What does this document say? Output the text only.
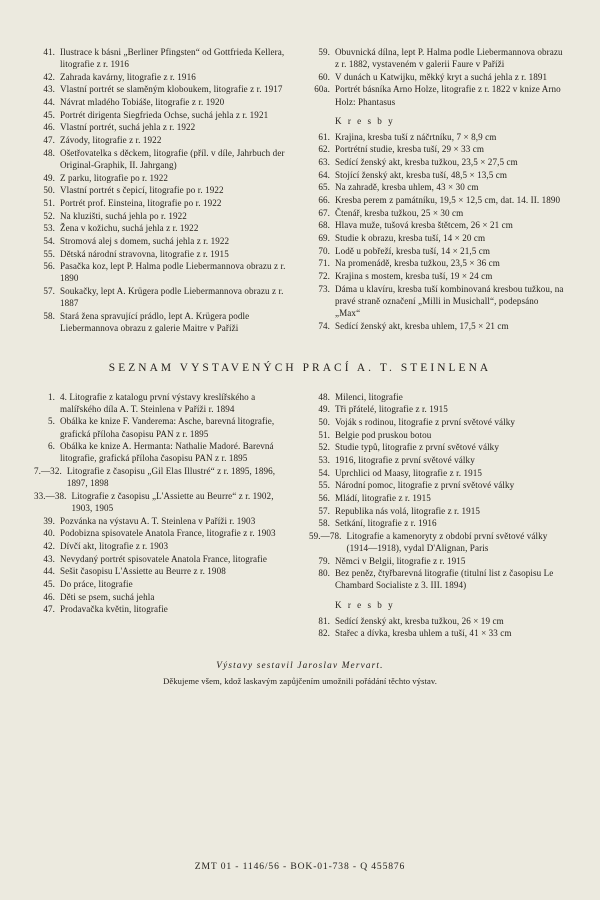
41. Ilustrace k básni „Berliner Pfingsten“ od Gottfrieda Kellera, litografie z r. 1916
42. Zahrada kavárny, litografie z r. 1916
43. Vlastní portrét se slaměným kloboukem, litografie z r. 1917
44. Návrat mladého Tobiáše, litografie z r. 1920
45. Portrét dirigenta Siegfrieda Ochse, suchá jehla z r. 1921
46. Vlastní portrét, suchá jehla z r. 1922
47. Závody, litografie z r. 1922
48. Ošetřovatelka s děckem, litografie (příl. v díle, Jahrbuch der Original-Graphik, II. Jahrgang)
49. Z parku, litografie po r. 1922
50. Vlastní portrét s čepicí, litografie po r. 1922
51. Portrét prof. Einsteina, litografie po r. 1922
52. Na kluzišti, suchá jehla po r. 1922
53. Žena v kožichu, suchá jehla z r. 1922
54. Stromová alej s domem, suchá jehla z r. 1922
55. Dětská národní stravovna, litografie z r. 1915
56. Pasačka koz, lept P. Halma podle Liebermannova obrazu z r. 1890
57. Soukačky, lept A. Krügera podle Liebermannova obrazu z r. 1887
58. Stará žena spravující prádlo, lept A. Krügera podle Liebermannova obrazu z galerie Maitre v Paříži
59. Obuvnická dílna, lept P. Halma podle Liebermannova obrazu z r. 1882, vystaveném v galerii Faure v Paříži
60. V dunách u Katwijku, měkký kryt a suchá jehla z r. 1891
60a. Portrét básníka Arno Holze, litografie z r. 1822 v knize Arno Holz: Phantasus
K r e s b y
61. Krajina, kresba tuší z náčrtníku, 7 × 8,9 cm
62. Portrétní studie, kresba tuší, 29 × 33 cm
63. Sedící ženský akt, kresba tužkou, 23,5 × 27,5 cm
64. Stojící ženský akt, kresba tuší, 48,5 × 13,5 cm
65. Na zahradě, kresba uhlem, 43 × 30 cm
66. Kresba perem z památníku, 19,5 × 12,5 cm, dat. 14. II. 1890
67. Čtenář, kresba tužkou, 25 × 30 cm
68. Hlava muže, tušová kresba štětcem, 26 × 21 cm
69. Studie k obrazu, kresba tuší, 14 × 20 cm
70. Lodě u pobřeží, kresba tuší, 14 × 21,5 cm
71. Na promenádě, kresba tužkou, 23,5 × 36 cm
72. Krajina s mostem, kresba tuší, 19 × 24 cm
73. Dáma u klavíru, kresba tuší kombinovaná kresbou tužkou, na pravé straně označení „Milli in Musichall“, podepsáno „Max“
74. Sedící ženský akt, kresba uhlem, 17,5 × 21 cm
SEZNAM VYSTAVENÝCH PRACÍ A. T. STEINLENA
1. 4. Litografie z katalogu první výstavy kreslířského a malířského díla A. T. Steinlena v Paříži r. 1894
5. Obálka ke knize F. Vanderema: Asche, barevná litografie, grafická příloha časopisu PAN z r. 1895
6. Obálka ke knize A. Hermanta: Nathalie Madoré. Barevná litografie, grafická příloha časopisu PAN z r. 1895
7.—32. Litografie z časopisu „Gil Elas Illustré“ z r. 1895, 1896, 1897, 1898
33.—38. Litografie z časopisu „L'Assiette au Beurre“ z r. 1902, 1903, 1905
39. Pozvánka na výstavu A. T. Steinlena v Paříži r. 1903
40. Podobizna spisovatele Anatola France, litografie z r. 1903
42. Dívčí akt, litografie z r. 1903
43. Nevydaný portrét spisovatele Anatola France, litografie
44. Sešit časopisu L'Assiette au Beurre z r. 1908
45. Do práce, litografie
46. Děti se psem, suchá jehla
47. Prodavačka květin, litografie
48. Milenci, litografie
49. Tři přátelé, litografie z r. 1915
50. Voják s rodinou, litografie z první světové války
51. Belgie pod pruskou botou
52. Studie typů, litografie z první světové války
53. 1916, litografie z první světové války
54. Uprchlici od Maasy, litografie z r. 1915
55. Národní pomoc, litografie z první světové války
56. Mládí, litografie z r. 1915
57. Republika nás volá, litografie z r. 1915
58. Setkání, litografie z r. 1916
59.—78. Litografie a kamenoryty z období první světové války (1914—1918), vydal D'Alignan, Paris
79. Němci v Belgii, litografie z r. 1915
80. Bez peněz, čtyřbarevná litografie (titulní list z časopisu Le Chambard Socialiste z 3. III. 1894)
K r e s b y
81. Sedící ženský akt, kresba tužkou, 26 × 19 cm
82. Stařec a dívka, kresba uhlem a tuší, 41 × 33 cm
Výstavy sestavil Jaroslav Mervart.
Děkujeme všem, kdož laskavým zapůjčením umožnili pořádání těchto výstav.
ZMT 01 - 1146/56 - BOK-01-738 - Q 455876
